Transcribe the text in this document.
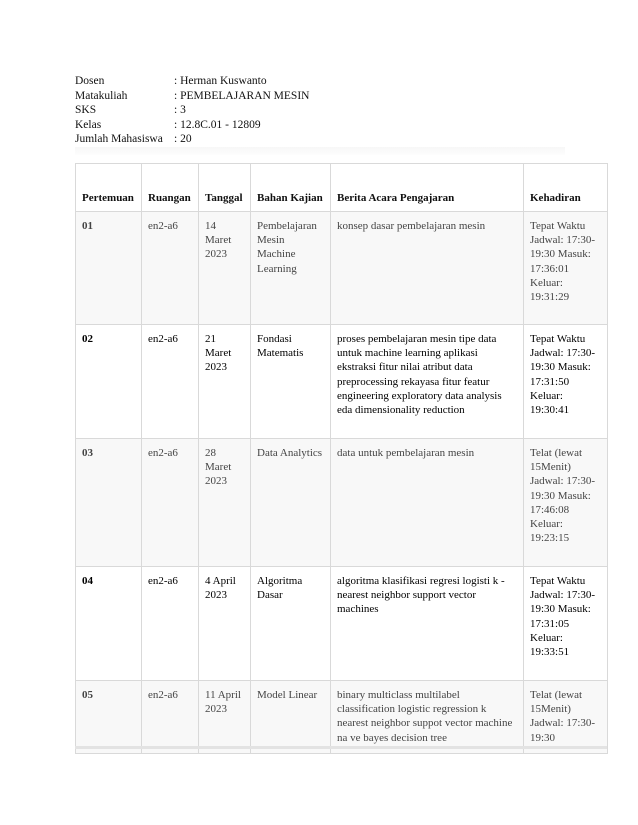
Dosen	: Herman Kuswanto
Matakuliah	: PEMBELAJARAN MESIN
SKS	: 3
Kelas	: 12.8C.01 - 12809
Jumlah Mahasiswa : 20
Pertemuan	Ruangan	Tanggal	Bahan Kajian	Berita Acara Pengajaran	Kehadiran
01	en2-a6	14 Maret 2023	Pembelajaran Mesin Machine Learning	konsep dasar pembelajaran mesin	Tepat Waktu Jadwal: 17:30-19:30 Masuk: 17:36:01 Keluar: 19:31:29
02	en2-a6	21 Maret 2023	Fondasi Matematis	proses pembelajaran mesin tipe data untuk machine learning aplikasi ekstraksi fitur nilai atribut data preprocessing rekayasa fitur featur engineering exploratory data analysis eda dimensionality reduction	Tepat Waktu Jadwal: 17:30-19:30 Masuk: 17:31:50 Keluar: 19:30:41
03	en2-a6	28 Maret 2023	Data Analytics	data untuk pembelajaran mesin	Telat (lewat 15Menit) Jadwal: 17:30-19:30 Masuk: 17:46:08 Keluar: 19:23:15
04	en2-a6	4 April 2023	Algoritma Dasar	algoritma klasifikasi regresi logisti k - nearest neighbor support vector machines	Tepat Waktu Jadwal: 17:30-19:30 Masuk: 17:31:05 Keluar: 19:33:51
05	en2-a6	11 April 2023	Model Linear	binary multiclass multilabel classification logistic regression k nearest neighbor suppot vector machine na ve bayes decision tree	Telat (lewat 15Menit) Jadwal: 17:30-19:30
